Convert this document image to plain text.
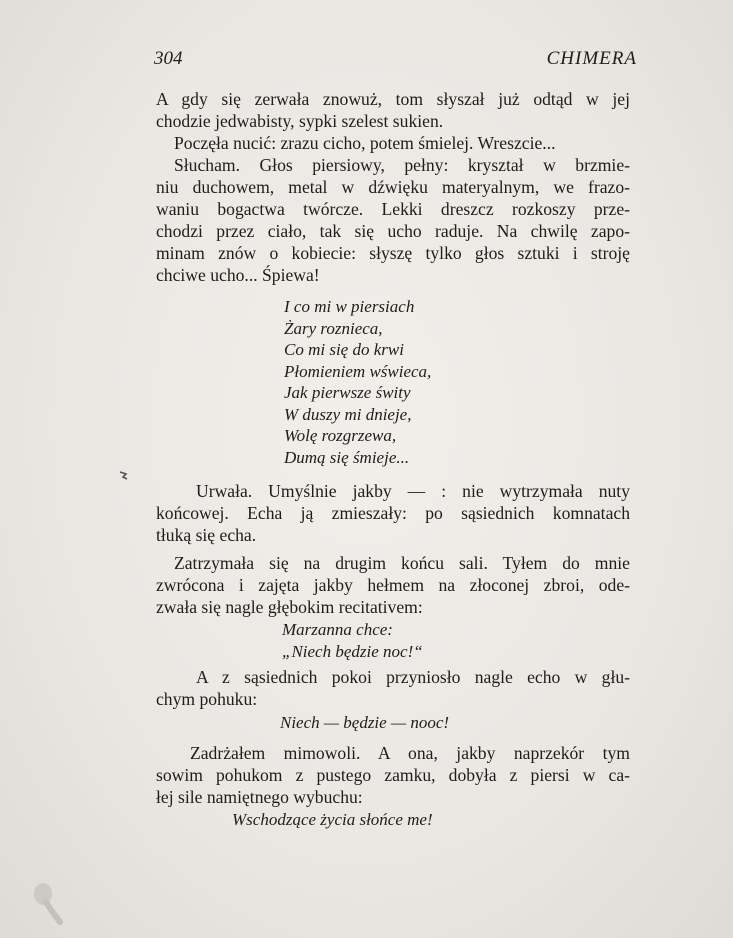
304	CHIMERA
A gdy się zerwała znowuż, tom słyszał już odtąd w jej
chodzie jedwabisty, sypki szelest sukien.
Poczęła nucić: zrazu cicho, potem śmielej. Wreszcie...
Słucham. Głos piersiowy, pełny: kryształ w brzmie-
niu duchowem, metal w dźwięku materyalnym, we frazo-
waniu bogactwa twórcze. Lekki dreszcz rozkoszy prze-
chodzi przez ciało, tak się ucho raduje. Na chwilę zapo-
minam znów o kobiecie: słyszę tylko głos sztuki i stroję
chciwe ucho... Śpiewa!
I co mi w piersiach
Żary rozniecа,
Co mi się do krwi
Płomieniem wświeca,
Jak pierwsze świty
W duszy mi dnieje,
Wolę rozgrzewa,
Dumą się śmieje...
Urwała. Umyślnie jakby — : nie wytrzymała nuty
końcowej. Echa ją zmieszały: po sąsiednich komnatach
tłuką się echa.
Zatrzymała się na drugim końcu sali. Tyłem do mnie
zwrócona i zajęta jakby hełmem na złoconej zbroi, ode-
zwała się nagle głębokim recitativem:
Marzanna chce:
„Niech będzie noc!“
A z sąsiednich pokoi przyniosło nagle echo w głu-
chym pohuku:
Niech — będzie — nooc!
Zadrżałem mimowoli. A ona, jakby naprzekór tym
sowim pohukom z pustego zamku, dobyła z piersi w ca-
łej sile namiętnego wybuchu:
Wschodzące życia słońce me!
